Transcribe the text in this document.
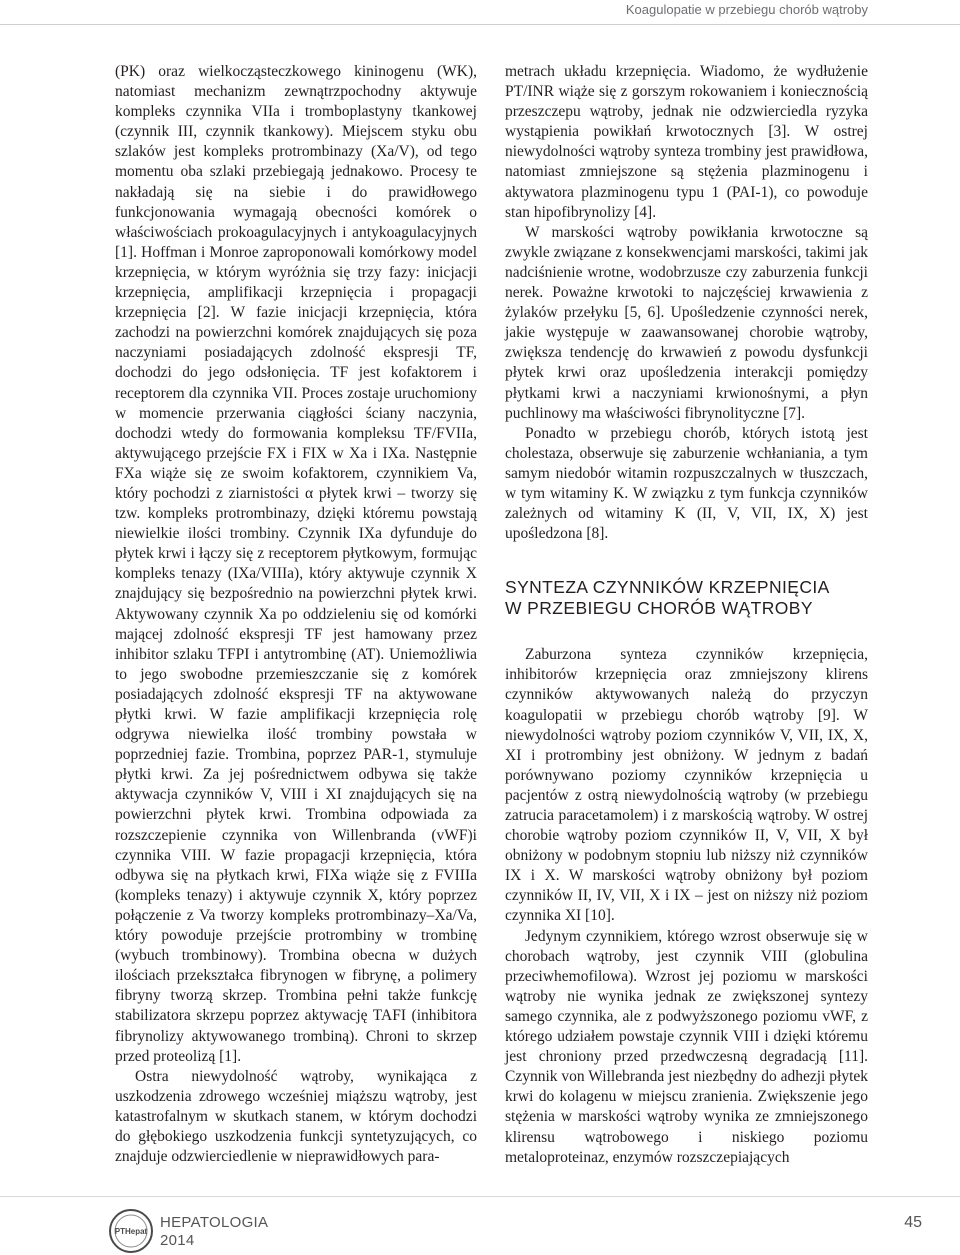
Koagulopatie w przebiegu chorób wątroby

(PK) oraz wielkocząsteczkowego kininogenu (WK), natomiast mechanizm zewnątrzpochodny aktywuje kompleks czynnika VIIa i tromboplastyny tkankowej (czynnik III, czynnik tkankowy). Miejscem styku obu szlaków jest kompleks protrombinazy (Xa/V), od tego momentu oba szlaki przebiegają jednakowo. Procesy te nakładają się na siebie i do prawidłowego funkcjonowania wymagają obecności komórek o właściwościach prokoagulacyjnych i antykoagulacyjnych [1]. Hoffman i Monroe zaproponowali komórkowy model krzepnięcia, w którym wyróżnia się trzy fazy: inicjacji krzepnięcia, amplifikacji krzepnięcia i propagacji krzepnięcia [2]. W fazie inicjacji krzepnięcia, która zachodzi na powierzchni komórek znajdujących się poza naczyniami posiadających zdolność ekspresji TF, dochodzi do jego odsłonięcia. TF jest kofaktorem i receptorem dla czynnika VII. Proces zostaje uruchomiony w momencie przerwania ciągłości ściany naczynia, dochodzi wtedy do formowania kompleksu TF/FVIIa, aktywującego przejście FX i FIX w Xa i IXa. Następnie FXa wiąże się ze swoim kofaktorem, czynnikiem Va, który pochodzi z ziarnistości α płytek krwi – tworzy się tzw. kompleks protrombinazy, dzięki któremu powstają niewielkie ilości trombiny. Czynnik IXa dyfunduje do płytek krwi i łączy się z receptorem płytkowym, formując kompleks tenazy (IXa/VIIIa), który aktywuje czynnik X znajdujący się bezpośrednio na powierzchni płytek krwi. Aktywowany czynnik Xa po oddzieleniu się od komórki mającej zdolność ekspresji TF jest hamowany przez inhibitor szlaku TFPI i antytrombinę (AT). Uniemożliwia to jego swobodne przemieszczanie się z komórek posiadających zdolność ekspresji TF na aktywowane płytki krwi. W fazie amplifikacji krzepnięcia rolę odgrywa niewielka ilość trombiny powstała w poprzedniej fazie. Trombina, poprzez PAR-1, stymuluje płytki krwi. Za jej pośrednictwem odbywa się także aktywacja czynników V, VIII i XI znajdujących się na powierzchni płytek krwi. Trombina odpowiada za rozszczepienie czynnika von Willenbranda (vWF)i czynnika VIII. W fazie propagacji krzepnięcia, która odbywa się na płytkach krwi, FIXa wiąże się z FVIIIa (kompleks tenazy) i aktywuje czynnik X, który poprzez połączenie z Va tworzy kompleks protrombinazy–Xa/Va, który powoduje przejście protrombiny w trombinę (wybuch trombinowy). Trombina obecna w dużych ilościach przekształca fibrynogen w fibrynę, a polimery fibryny tworzą skrzep. Trombina pełni także funkcję stabilizatora skrzepu poprzez aktywację TAFI (inhibitora fibrynolizy aktywowanego trombiną). Chroni to skrzep przed proteolizą [1].

Ostra niewydolność wątroby, wynikająca z uszkodzenia zdrowego wcześniej miąższu wątroby, jest katastrofalnym w skutkach stanem, w którym dochodzi do głębokiego uszkodzenia funkcji syntetyzujących, co znajduje odzwierciedlenie w nieprawidłowych para-

metrach układu krzepnięcia. Wiadomo, że wydłużenie PT/INR wiąże się z gorszym rokowaniem i koniecznością przeszczepu wątroby, jednak nie odzwierciedla ryzyka wystąpienia powikłań krwotocznych [3]. W ostrej niewydolności wątroby synteza trombiny jest prawidłowa, natomiast zmniejszone są stężenia plazminogenu i aktywatora plazminogenu typu 1 (PAI-1), co powoduje stan hipofibrynolizy [4].

W marskości wątroby powikłania krwotoczne są zwykle związane z konsekwencjami marskości, takimi jak nadciśnienie wrotne, wodobrzusze czy zaburzenia funkcji nerek. Poważne krwotoki to najczęściej krwawienia z żylaków przełyku [5, 6]. Upośledzenie czynności nerek, jakie występuje w zaawansowanej chorobie wątroby, zwiększa tendencję do krwawień z powodu dysfunkcji płytek krwi oraz upośledzenia interakcji pomiędzy płytkami krwi a naczyniami krwionośnymi, a płyn puchlinowy ma właściwości fibrynolityczne [7].

Ponadto w przebiegu chorób, których istotą jest cholestaza, obserwuje się zaburzenie wchłaniania, a tym samym niedobór witamin rozpuszczalnych w tłuszczach, w tym witaminy K. W związku z tym funkcja czynników zależnych od witaminy K (II, V, VII, IX, X) jest upośledzona [8].

SYNTEZA CZYNNIKÓW KRZEPNIĘCIA
W PRZEBIEGU CHORÓB WĄTROBY

Zaburzona synteza czynników krzepnięcia, inhibitorów krzepnięcia oraz zmniejszony klirens czynników aktywowanych należą do przyczyn koagulopatii w przebiegu chorób wątroby [9]. W niewydolności wątroby poziom czynników V, VII, IX, X, XI i protrombiny jest obniżony. W jednym z badań porównywano poziomy czynników krzepnięcia u pacjentów z ostrą niewydolnością wątroby (w przebiegu zatrucia paracetamolem) i z marskością wątroby. W ostrej chorobie wątroby poziom czynników II, V, VII, X był obniżony w podobnym stopniu lub niższy niż czynników IX i X. W marskości wątroby obniżony był poziom czynników II, IV, VII, X i IX – jest on niższy niż poziom czynnika XI [10].

Jedynym czynnikiem, którego wzrost obserwuje się w chorobach wątroby, jest czynnik VIII (globulina przeciwhemofilowa). Wzrost jej poziomu w marskości wątroby nie wynika jednak ze zwiększonej syntezy samego czynnika, ale z podwyższonego poziomu vWF, z którego udziałem powstaje czynnik VIII i dzięki któremu jest chroniony przed przedwczesną degradacją [11]. Czynnik von Willebranda jest niezbędny do adhezji płytek krwi do kolagenu w miejscu zranienia. Zwiększenie jego stężenia w marskości wątroby wynika ze zmniejszonego klirensu wątrobowego i niskiego poziomu metaloproteinaz, enzymów rozszczepiających

PTHepat
HEPATOLOGIA
2014
45
